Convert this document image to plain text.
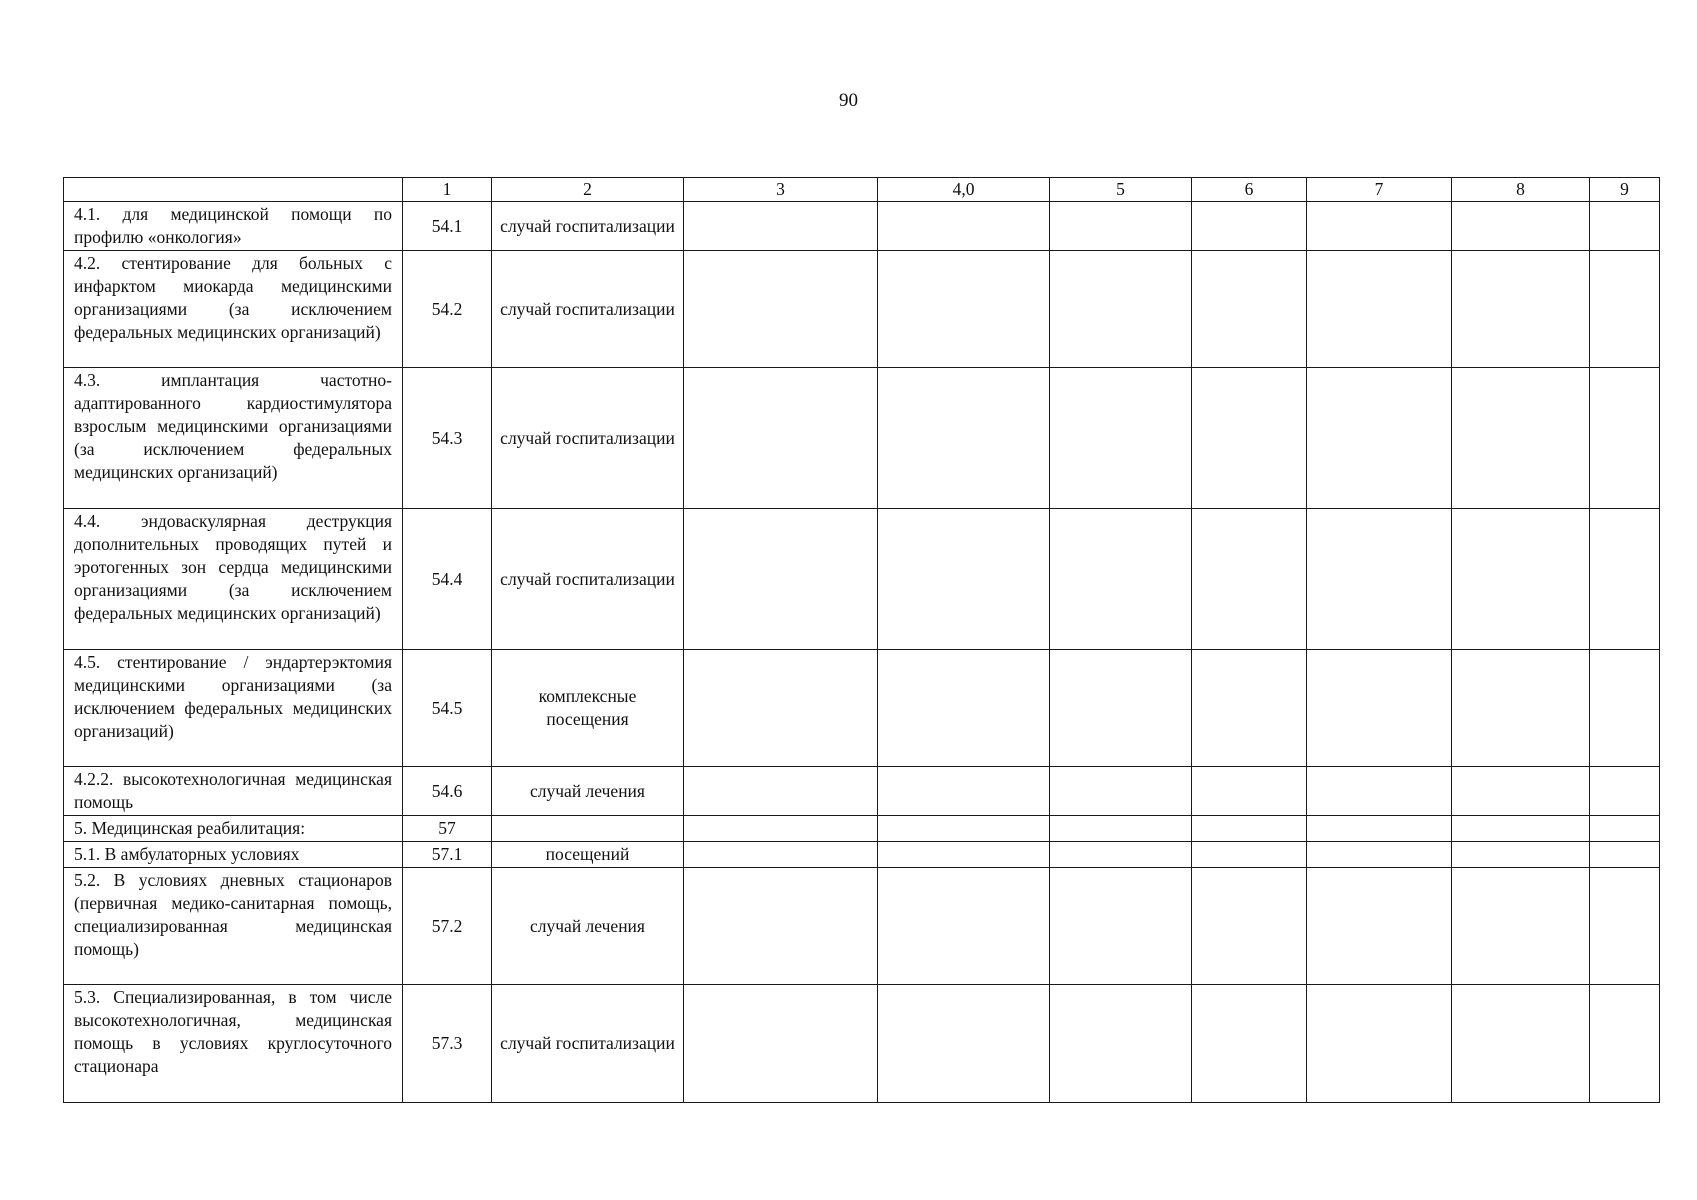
90
	1	2	3	4,0	5	6	7	8	9
4.1. для медицинской помощи по профилю «онкология»	54.1	случай госпитализации							
4.2. стентирование для больных с инфарктом миокарда медицинскими организациями (за исключением федеральных медицинских организаций)	54.2	случай госпитализации							
4.3. имплантация частотно-адаптированного кардиостимулятора взрослым медицинскими организациями (за исключением федеральных медицинских организаций)	54.3	случай госпитализации							
4.4. эндоваскулярная деструкция дополнительных проводящих путей и эротогенных зон сердца медицинскими организациями (за исключением федеральных медицинских организаций)	54.4	случай госпитализации							
4.5. стентирование / эндартерэктомия медицинскими организациями (за исключением федеральных медицинских организаций)	54.5	комплексные посещения							
4.2.2. высокотехнологичная медицинская помощь	54.6	случай лечения							
5. Медицинская реабилитация:	57								
5.1. В амбулаторных условиях	57.1	посещений							
5.2. В условиях дневных стационаров (первичная медико-санитарная помощь, специализированная медицинская помощь)	57.2	случай лечения							
5.3. Специализированная, в том числе высокотехнологичная, медицинская помощь в условиях круглосуточного стационара	57.3	случай госпитализации							
